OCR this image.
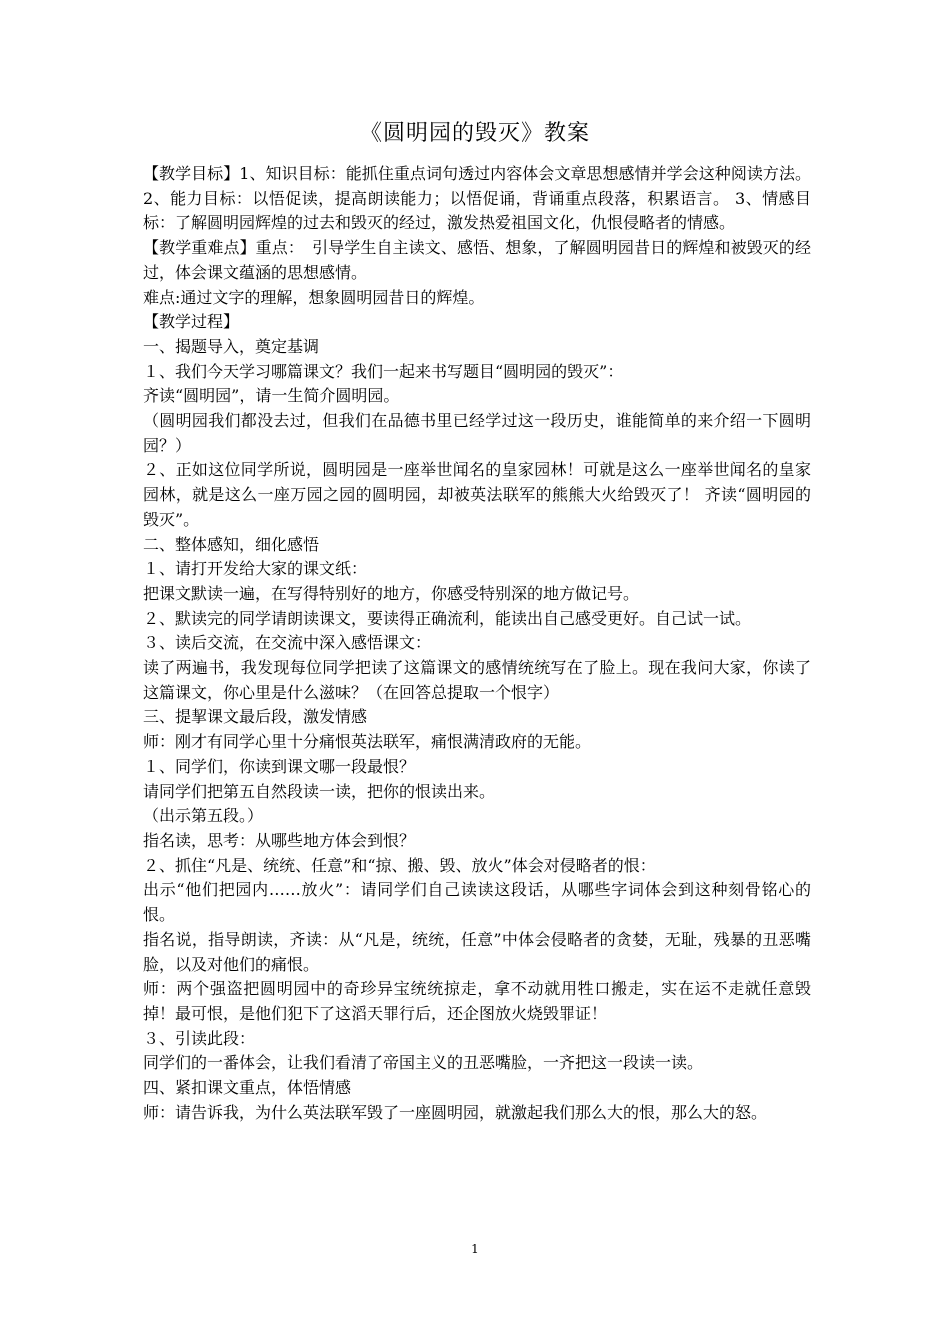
《圆明园的毁灭》教案

【教学目标】1、知识目标：能抓住重点词句透过内容体会文章思想感情并学会这种阅读方法。 2、能力目标：以悟促读，提高朗读能力；以悟促诵，背诵重点段落，积累语言。 3、情感目标：了解圆明园辉煌的过去和毁灭的经过，激发热爱祖国文化，仇恨侵略者的情感。

【教学重难点】重点：　引导学生自主读文、感悟、想象，了解圆明园昔日的辉煌和被毁灭的经过，体会课文蕴涵的思想感情。

难点:通过文字的理解，想象圆明园昔日的辉煌。

【教学过程】

一、揭题导入，奠定基调

１、我们今天学习哪篇课文？我们一起来书写题目“圆明园的毁灭”：

齐读“圆明园”，请一生简介圆明园。

（圆明园我们都没去过，但我们在品德书里已经学过这一段历史，谁能简单的来介绍一下圆明园？）

２、正如这位同学所说，圆明园是一座举世闻名的皇家园林！可就是这么一座举世闻名的皇家园林，就是这么一座万园之园的圆明园，却被英法联军的熊熊大火给毁灭了！ 齐读“圆明园的毁灭”。

二、整体感知，细化感悟

１、请打开发给大家的课文纸：

把课文默读一遍，在写得特别好的地方，你感受特别深的地方做记号。

２、默读完的同学请朗读课文，要读得正确流利，能读出自己感受更好。自己试一试。

３、读后交流，在交流中深入感悟课文：

读了两遍书，我发现每位同学把读了这篇课文的感情统统写在了脸上。现在我问大家，你读了这篇课文，你心里是什么滋味？（在回答总提取一个恨字）

三、提挈课文最后段，激发情感

师：刚才有同学心里十分痛恨英法联军，痛恨满清政府的无能。

１、同学们，你读到课文哪一段最恨？

请同学们把第五自然段读一读，把你的恨读出来。

（出示第五段。）

指名读，思考：从哪些地方体会到恨？

２、抓住“凡是、统统、任意”和“掠、搬、毁、放火”体会对侵略者的恨：

出示“他们把园内……放火”：请同学们自己读读这段话，从哪些字词体会到这种刻骨铭心的恨。

指名说，指导朗读，齐读：从“凡是，统统，任意”中体会侵略者的贪婪，无耻，残暴的丑恶嘴脸，以及对他们的痛恨。

师：两个强盗把圆明园中的奇珍异宝统统掠走，拿不动就用牲口搬走，实在运不走就任意毁掉！最可恨，是他们犯下了这滔天罪行后，还企图放火烧毁罪证！

３、引读此段：

同学们的一番体会，让我们看清了帝国主义的丑恶嘴脸，一齐把这一段读一读。

四、紧扣课文重点，体悟情感

师：请告诉我，为什么英法联军毁了一座圆明园，就激起我们那么大的恨，那么大的怒。

1
